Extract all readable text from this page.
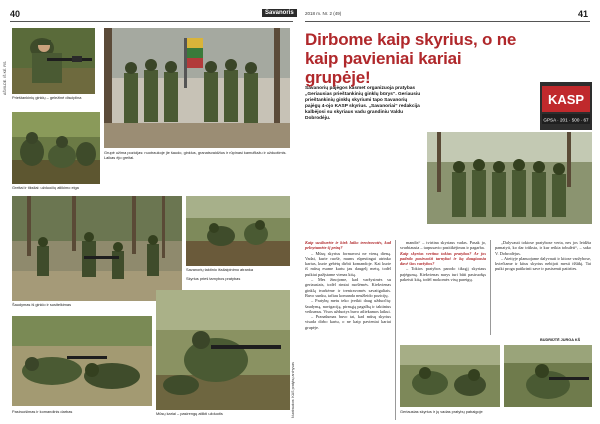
40	Savanoris	2018 m. Nr. 2 (49)	41
AŠVILDE. IŠ KĖ. RS.
Nuotraukos: KAS pratybų archyvas
Prieštankinių ginklų – geležinė disciplina
Grupė užima pozicijas: nuotraukoje jie šaudo, ginklus, granatsvaidžius ir rūpinasi kamufliažu ir užduotimis. Laikas ėjo greitai.
Greitai ir tiksliai: užduočių atlikimo eiga
Šaudymas iš ginklo ir susitelkimas
Savanorių taktinio išsilaipinimo atranka
Skyrius prieš tarnybos pratybas
Pasiruošimas ir komandinis darbas	Mūsų kariai – pasirengę atlikti užduotis
Dirbome kaip skyrius, o ne kaip pavieniai kariai grupėje!
KASP
GPSA · 201 · 500 · 67
Savanorių pajėgos kasmet organizuoja pratybas „Geriausias prieštankinių ginklų būrys“. Geriausiu prieštankinių ginklų skyriumi tapo Savanorių pajėgų 4-ojo KASP skyrius. „Savanoriai“ redakcija kalbėjosi su skyriaus vadu grandiniu Valdu Dobrodėju.

Kaip susiburėte ir kiek laiko treniravotės, kad pelnytumėte šį prizą?

– Mūsų skyrius formavosi ne vieną dieną. Vadai, kurie ruošė, mums rūpestingai atrinko karius, kurie gebėtų dirbti komandoje. Kai kurie iš mūsų esame kartu jau daugelį metų, todėl puikiai pažįstame vienas kitą.

– Mes žinojome, kad varžysimės su geriausiais, todėl rimtai ruošėmės. Kiekvienas ginklą tvarkėme ir treniravomės savaitgaliais. Buvo sunku, tačiau komanda neužleido pozicijų.

– Pratybų metu teko įveikti daug užduočių: šaudymą, navigaciją, pirmąją pagalbą ir taktinius veiksmus. Visos užduotys buvo atliekamos laikui.

– Pranašumas buvo tai, kad mūsų skyrius visada dirbo kartu, o ne kaip pavieniai kariai grupėje.

mandis“ – tvirtina skyriaus vadas. Pasak jo, svarbiausia – tarpusavio pasitikėjimas ir pagarba.

Kaip skyrius vertina tokias pratybas? Ar jos padeda pasiruošti tarnybai ir ką daugiausia davė šios varžybos?

– Tokios pratybos parodo tikrąjį skyriaus pajėgumą. Kiekvienas narys turi būti pasiruošęs pakeisti kitą, todėl mokomės visų pareigų.

„Dalyvauti tokiose pratybose verta, nes jos leidžia pamatyti, ko dar trūksta, ir kur reikia tobulėti“, – sako V. Dobrodėjus.

– Ateityje planuojame dalyvauti ir kitose varžybose, kviečiame ir kitus skyrius nebijoti mesti iššūkį. Tai puiki proga patikrinti save ir pasisemti patirties.

BUDRIŪTĖ JURGA KŠ
Geriausias skyrius ir jų vadas pratybų pabaigoje
